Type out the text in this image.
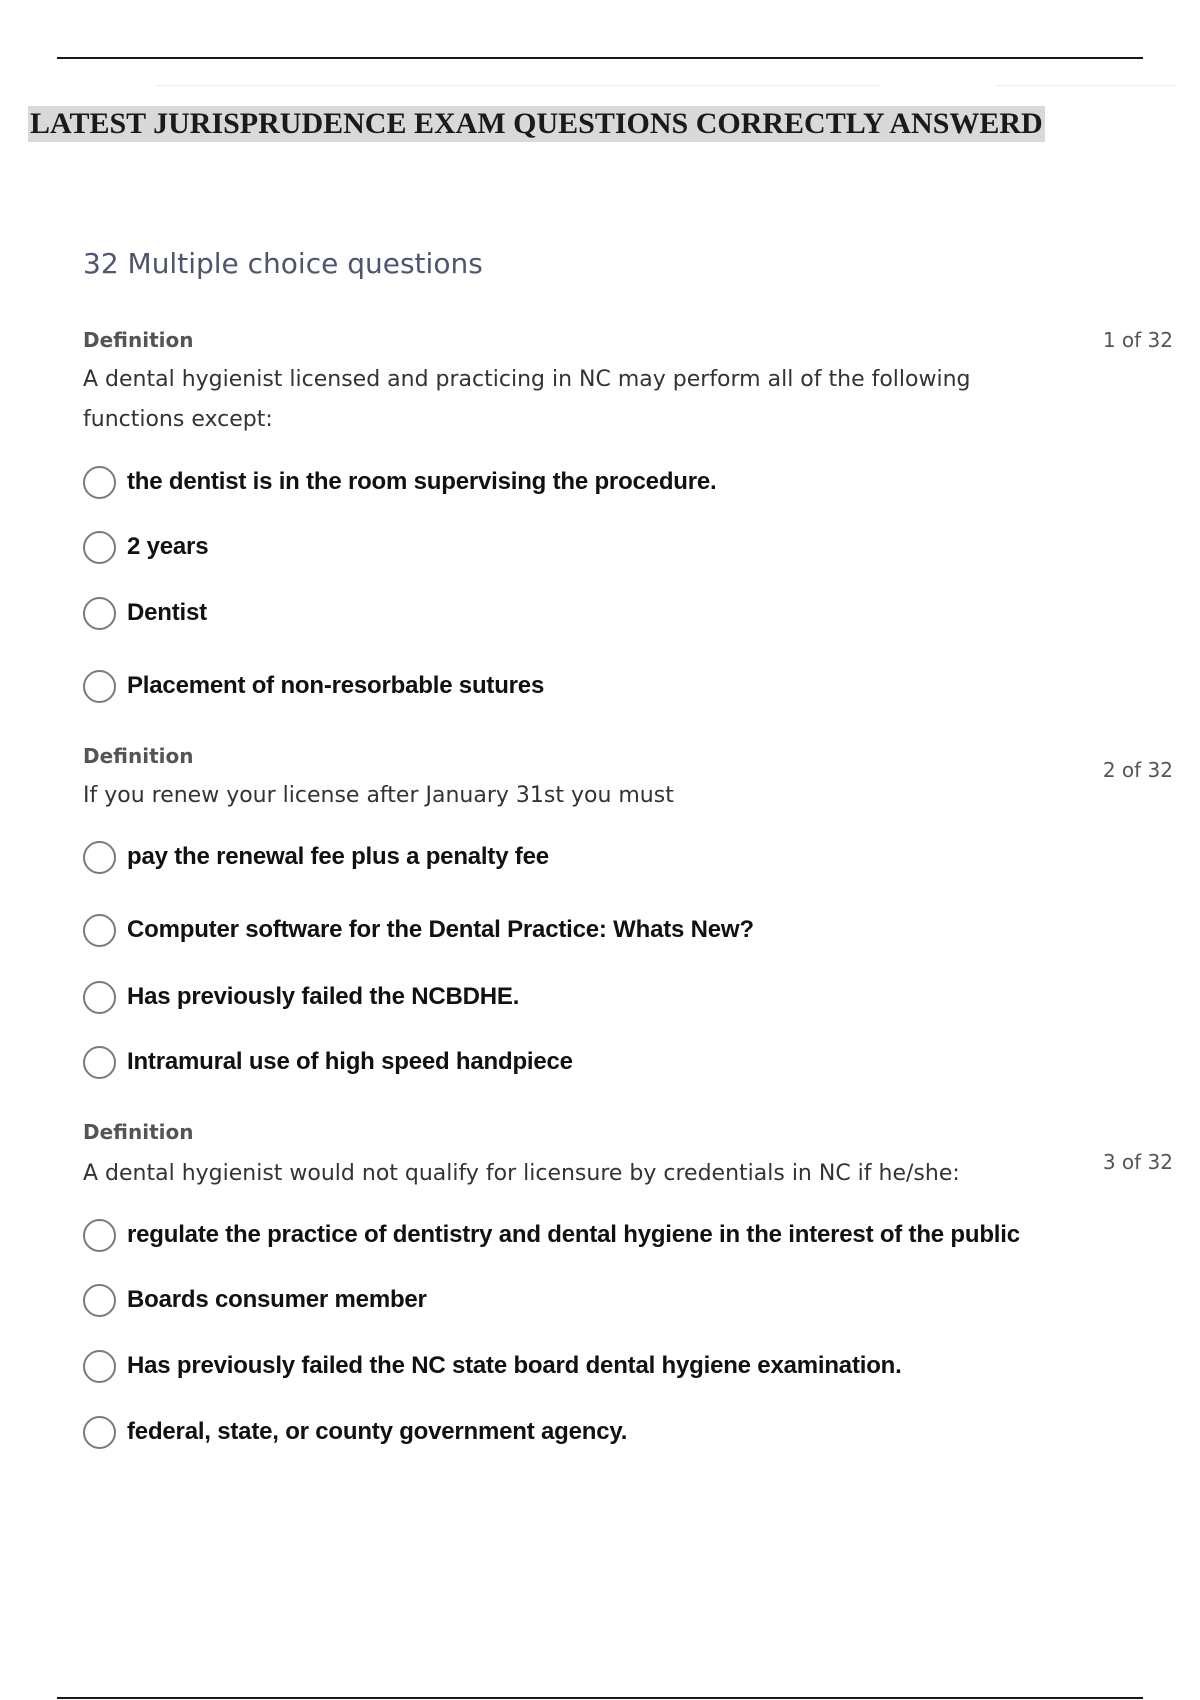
LATEST JURISPRUDENCE EXAM QUESTIONS CORRECTLY ANSWERD
32 Multiple choice questions
Definition	1 of 32
A dental hygienist licensed and practicing in NC may perform all of the following functions except:
the dentist is in the room supervising the procedure.
2 years
Dentist
Placement of non-resorbable sutures
Definition
2 of 32
If you renew your license after January 31st you must
pay the renewal fee plus a penalty fee
Computer software for the Dental Practice: Whats New?
Has previously failed the NCBDHE.
Intramural use of high speed handpiece
Definition
3 of 32
A dental hygienist would not qualify for licensure by credentials in NC if he/she:
regulate the practice of dentistry and dental hygiene in the interest of the public
Boards consumer member
Has previously failed the NC state board dental hygiene examination.
federal, state, or county government agency.
